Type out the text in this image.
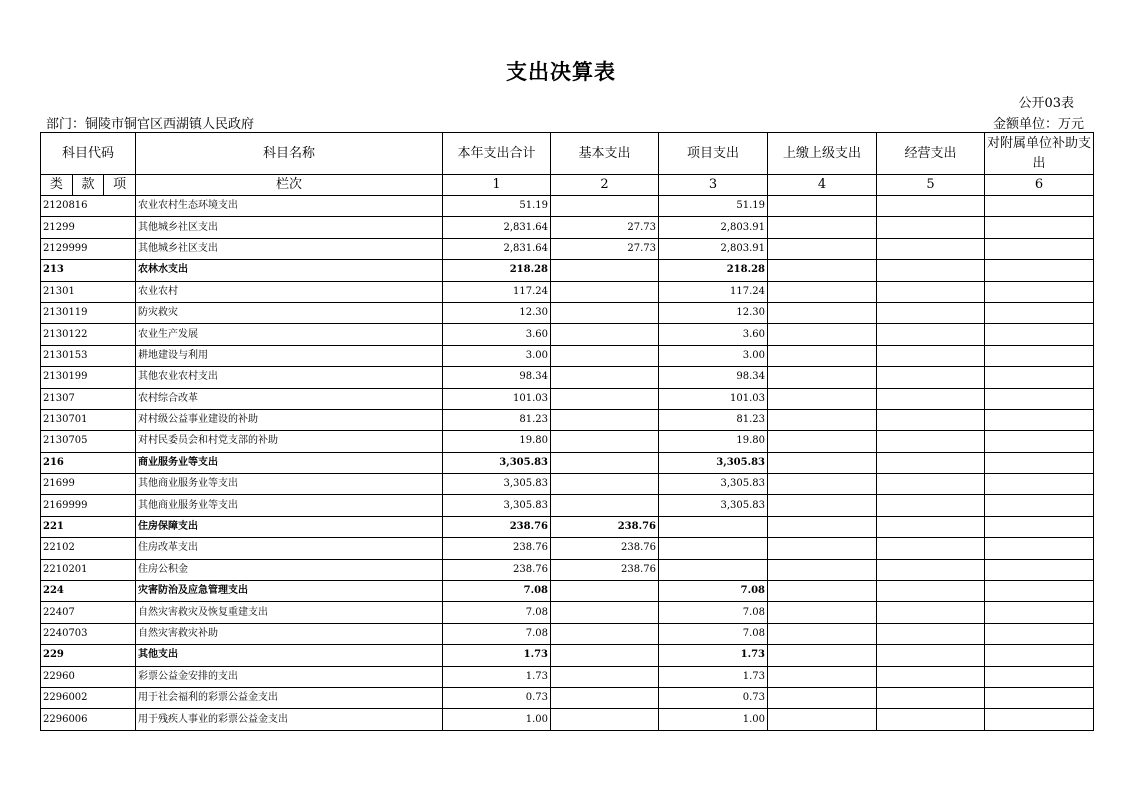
支出决算表
公开03表
部门：铜陵市铜官区西湖镇人民政府	金额单位：万元
科目代码	科目名称	本年支出合计	基本支出	项目支出	上缴上级支出	经营支出	对附属单位补助支出

类 款 项	栏次	1	2	3	4	5	6
2120816	农业农村生态环境支出	51.19		51.19			
21299	其他城乡社区支出	2,831.64	27.73	2,803.91			
2129999	其他城乡社区支出	2,831.64	27.73	2,803.91			
213	农林水支出	218.28		218.28			
21301	农业农村	117.24		117.24			
2130119	防灾救灾	12.30		12.30			
2130122	农业生产发展	3.60		3.60			
2130153	耕地建设与利用	3.00		3.00			
2130199	其他农业农村支出	98.34		98.34			
21307	农村综合改革	101.03		101.03			
2130701	对村级公益事业建设的补助	81.23		81.23			
2130705	对村民委员会和村党支部的补助	19.80		19.80			
216	商业服务业等支出	3,305.83		3,305.83			
21699	其他商业服务业等支出	3,305.83		3,305.83			
2169999	其他商业服务业等支出	3,305.83		3,305.83			
221	住房保障支出	238.76	238.76				
22102	住房改革支出	238.76	238.76				
2210201	住房公积金	238.76	238.76				
224	灾害防治及应急管理支出	7.08		7.08			
22407	自然灾害救灾及恢复重建支出	7.08		7.08			
2240703	自然灾害救灾补助	7.08		7.08			
229	其他支出	1.73		1.73			
22960	彩票公益金安排的支出	1.73		1.73			
2296002	用于社会福利的彩票公益金支出	0.73		0.73			
2296006	用于残疾人事业的彩票公益金支出	1.00		1.00			
